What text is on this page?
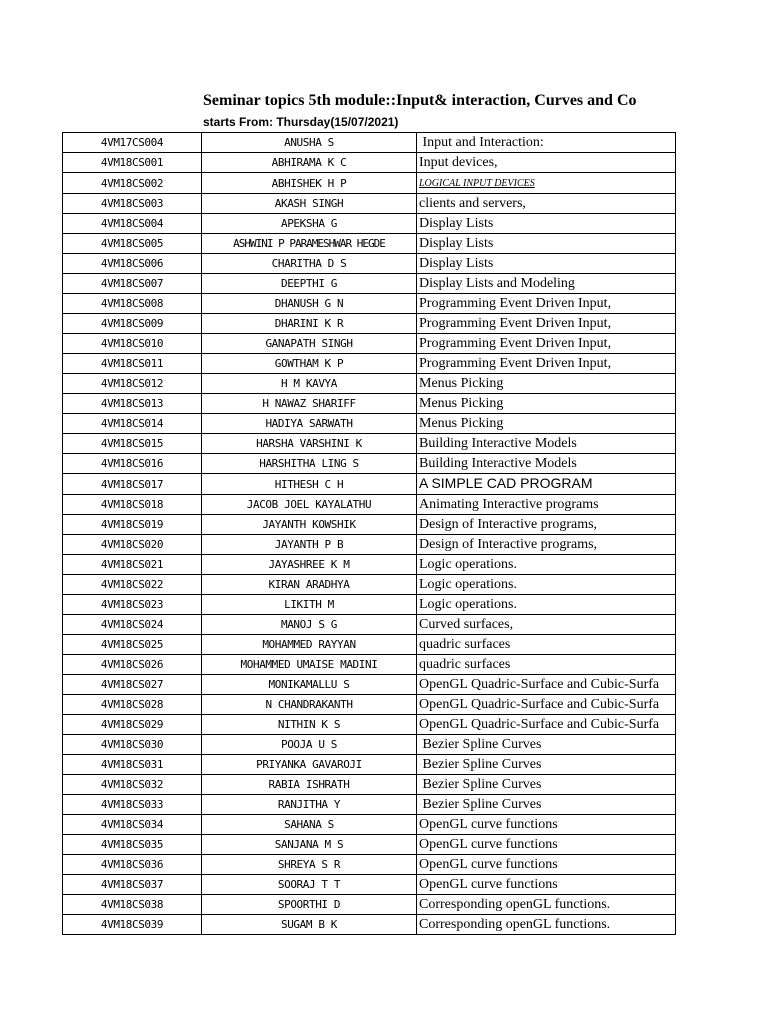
Seminar topics 5th module::Input& interaction, Curves and Co
starts From: Thursday(15/07/2021)
4VM17CS004	ANUSHA S	Input and Interaction:
4VM18CS001	ABHIRAMA K C	Input devices,
4VM18CS002	ABHISHEK H P	LOGICAL INPUT DEVICES
4VM18CS003	AKASH SINGH	clients and servers,
4VM18CS004	APEKSHA G	Display Lists
4VM18CS005	ASHWINI P PARAMESHWAR HEGDE	Display Lists
4VM18CS006	CHARITHA D S	Display Lists
4VM18CS007	DEEPTHI G	Display Lists and Modeling
4VM18CS008	DHANUSH G N	Programming Event Driven Input,
4VM18CS009	DHARINI K R	Programming Event Driven Input,
4VM18CS010	GANAPATH SINGH	Programming Event Driven Input,
4VM18CS011	GOWTHAM K P	Programming Event Driven Input,
4VM18CS012	H M KAVYA	Menus Picking
4VM18CS013	H NAWAZ SHARIFF	Menus Picking
4VM18CS014	HADIYA SARWATH	Menus Picking
4VM18CS015	HARSHA VARSHINI K	Building Interactive Models
4VM18CS016	HARSHITHA LING S	Building Interactive Models
4VM18CS017	HITHESH C H	A SIMPLE CAD PROGRAM
4VM18CS018	JACOB JOEL KAYALATHU	Animating Interactive programs
4VM18CS019	JAYANTH KOWSHIK	Design of Interactive programs,
4VM18CS020	JAYANTH P B	Design of Interactive programs,
4VM18CS021	JAYASHREE K M	Logic operations.
4VM18CS022	KIRAN ARADHYA	Logic operations.
4VM18CS023	LIKITH M	Logic operations.
4VM18CS024	MANOJ S G	Curved surfaces,
4VM18CS025	MOHAMMED RAYYAN	quadric surfaces
4VM18CS026	MOHAMMED UMAISE MADINI	quadric surfaces
4VM18CS027	MONIKAMALLU S	OpenGL Quadric-Surface and Cubic-Surfa
4VM18CS028	N CHANDRAKANTH	OpenGL Quadric-Surface and Cubic-Surfa
4VM18CS029	NITHIN K S	OpenGL Quadric-Surface and Cubic-Surfa
4VM18CS030	POOJA U S	Bezier Spline Curves
4VM18CS031	PRIYANKA GAVAROJI	Bezier Spline Curves
4VM18CS032	RABIA ISHRATH	Bezier Spline Curves
4VM18CS033	RANJITHA Y	Bezier Spline Curves
4VM18CS034	SAHANA S	OpenGL curve functions
4VM18CS035	SANJANA M S	OpenGL curve functions
4VM18CS036	SHREYA S R	OpenGL curve functions
4VM18CS037	SOORAJ T T	OpenGL curve functions
4VM18CS038	SPOORTHI D	Corresponding openGL functions.
4VM18CS039	SUGAM B K	Corresponding openGL functions.
